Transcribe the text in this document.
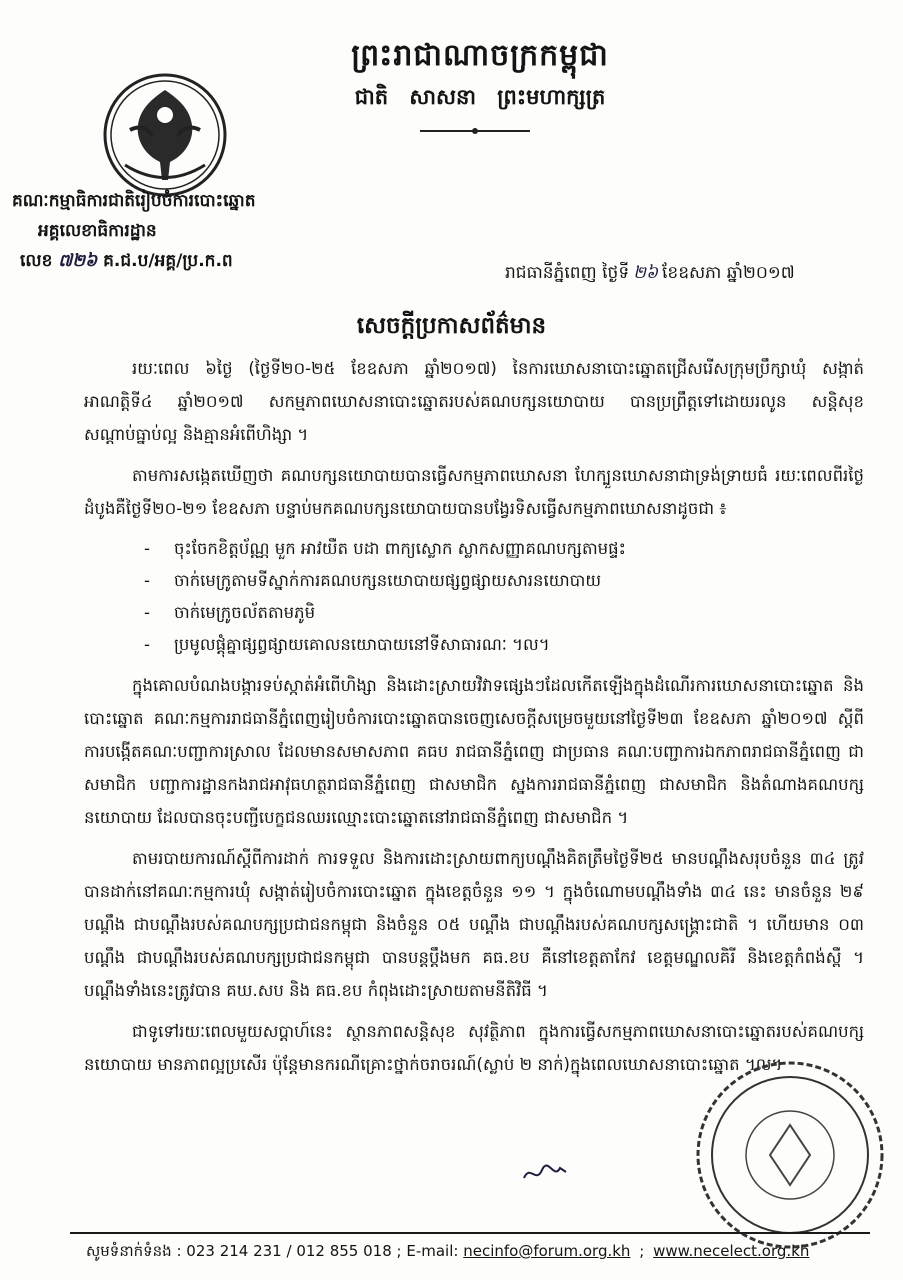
ព្រះរាជាណាចក្រកម្ពុជា
ជាតិ សាសនា ព្រះមហាក្សត្រ
គណៈកម្មាធិការជាតិរៀបចំការបោះឆ្នោត
អគ្គលេខាធិការដ្ឋាន
លេខ ៧២៦ គ.ជ.ប/អគ្គ/ប្រ.ក.ព
រាជធានីភ្នំពេញ ថ្ងៃទី ២៦ ខែឧសភា ឆ្នាំ២០១៧
សេចក្តីប្រកាសព័ត៌មាន

រយៈពេល ៦ថ្ងៃ (ថ្ងៃទី២០-២៥ ខែឧសភា ឆ្នាំ២០១៧) នៃការឃោសនាបោះឆ្នោតជ្រើសរើសក្រុមប្រឹក្សាឃុំ សង្កាត់ អាណត្តិទី៤ ឆ្នាំ២០១៧ សកម្មភាពឃោសនាបោះឆ្នោតរបស់គណបក្សនយោបាយ បានប្រព្រឹត្តទៅដោយរលូន សន្តិសុខ សណ្តាប់ធ្នាប់ល្អ និងគ្មានអំពើហិង្សា ។

តាមការសង្កេតឃើញថា គណបក្សនយោបាយបានធ្វើសកម្មភាពឃោសនា ហែក្បួនឃោសនាជាទ្រង់ទ្រាយធំ រយៈពេលពីរថ្ងៃដំបូងគឺថ្ងៃទី២០-២១ ខែឧសភា បន្ទាប់មកគណបក្សនយោបាយបានបង្វែរទិសធ្វើសកម្មភាពឃោសនាដូចជា ៖

- ចុះចែកខិត្តប័ណ្ណ មួក អាវយឺត បដា ពាក្យស្លោក ស្លាកសញ្ញាគណបក្សតាមផ្ទះ
- ចាក់មេក្រូតាមទីស្នាក់ការគណបក្សនយោបាយផ្សព្វផ្សាយសារនយោបាយ
- ចាក់មេក្រូចល័តតាមភូមិ
- ប្រមូលផ្តុំគ្នាផ្សព្វផ្សាយគោលនយោបាយនៅទីសាធារណៈ ។ល។

ក្នុងគោលបំណងបង្ការទប់ស្កាត់អំពើហិង្សា និងដោះស្រាយវិវាទផ្សេងៗដែលកើតឡើងក្នុងដំណើរការឃោសនាបោះឆ្នោត និងបោះឆ្នោត គណៈកម្មការរាជធានីភ្នំពេញរៀបចំការបោះឆ្នោតបានចេញសេចក្តីសម្រេចមួយនៅថ្ងៃទី២៣ ខែឧសភា ឆ្នាំ២០១៧ ស្តីពីការបង្កើតគណៈបញ្ជាការស្រាល ដែលមានសមាសភាព គធប រាជធានីភ្នំពេញ ជាប្រធាន គណៈបញ្ជាការឯកភាពរាជធានីភ្នំពេញ ជាសមាជិក បញ្ជាការដ្ឋានកងរាជអាវុធហត្ថរាជធានីភ្នំពេញ ជាសមាជិក ស្នងការរាជធានីភ្នំពេញ ជាសមាជិក និងតំណាងគណបក្សនយោបាយ ដែលបានចុះបញ្ជីបេក្ខជនឈរឈ្មោះបោះឆ្នោតនៅរាជធានីភ្នំពេញ ជាសមាជិក ។

តាមរបាយការណ៍ស្តីពីការដាក់ ការទទួល និងការដោះស្រាយពាក្យបណ្តឹងគិតត្រឹមថ្ងៃទី២៥ មានបណ្តឹងសរុបចំនួន ៣៤ ត្រូវបានដាក់នៅគណៈកម្មការឃុំ សង្កាត់រៀបចំការបោះឆ្នោត ក្នុងខេត្តចំនួន ១១ ។ ក្នុងចំណោមបណ្តឹងទាំង ៣៤ នេះ មានចំនួន ២៩ បណ្តឹង ជាបណ្តឹងរបស់គណបក្សប្រជាជនកម្ពុជា និងចំនួន ០៥ បណ្តឹង ជាបណ្តឹងរបស់គណបក្សសង្គ្រោះជាតិ ។ ហើយមាន ០៣ បណ្តឹង ជាបណ្តឹងរបស់គណបក្សប្រជាជនកម្ពុជា បានបន្តប្តឹងមក គធ.ខប គឺនៅខេត្តតាកែវ ខេត្តមណ្ឌលគិរី និងខេត្តកំពង់ស្ពឺ ។ បណ្តឹងទាំងនេះត្រូវបាន គឃ.សប និង គធ.ខប កំពុងដោះស្រាយតាមនីតិវិធី ។

ជាទូទៅរយៈពេលមួយសប្តាហ៍នេះ ស្ថានភាពសន្តិសុខ សុវត្ថិភាព ក្នុងការធ្វើសកម្មភាពឃោសនាបោះឆ្នោតរបស់គណបក្សនយោបាយ មានភាពល្អប្រសើរ ប៉ុន្តែមានករណីគ្រោះថ្នាក់ចរាចរណ៍(ស្លាប់ ២ នាក់)ក្នុងពេលឃោសនាបោះឆ្នោត ។ល។

សូមទំនាក់ទំនង : 023 214 231 / 012 855 018 ; E-mail: necinfo@forum.org.kh ; www.necelect.org.kh
